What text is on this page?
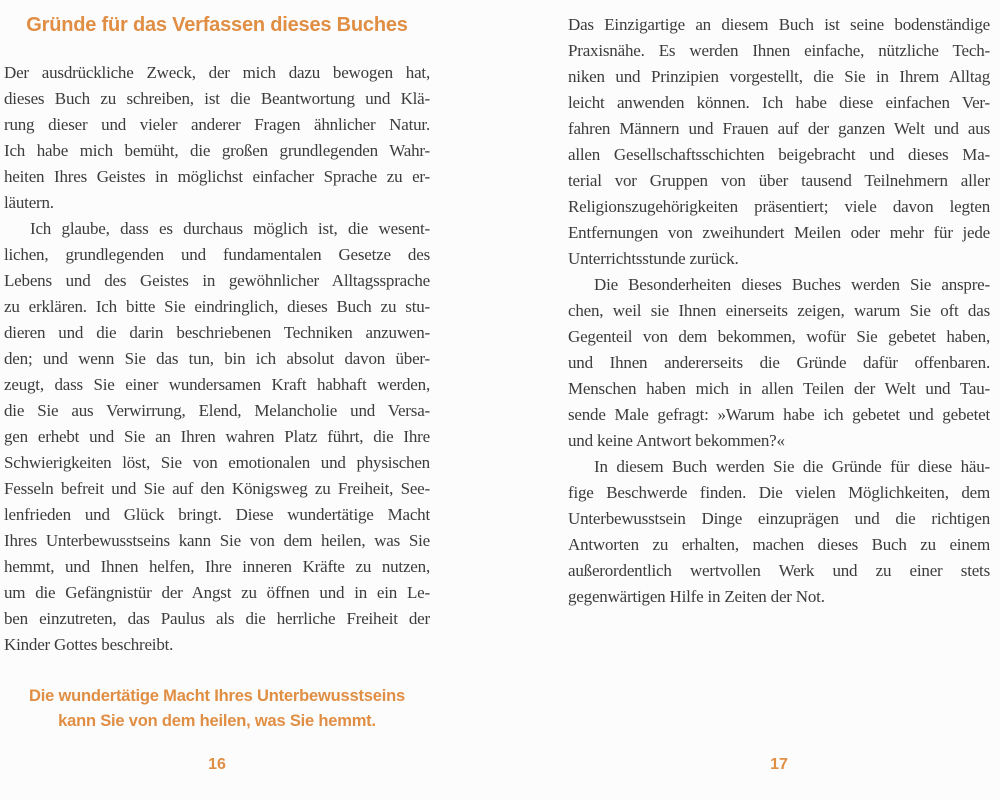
Gründe für das Verfassen dieses Buches
Der ausdrückliche Zweck, der mich dazu bewogen hat,
dieses Buch zu schreiben, ist die Beantwortung und Klä-
rung dieser und vieler anderer Fragen ähnlicher Natur.
Ich habe mich bemüht, die großen grundlegenden Wahr-
heiten Ihres Geistes in möglichst einfacher Sprache zu er-
läutern.
Ich glaube, dass es durchaus möglich ist, die wesent-
lichen, grundlegenden und fundamentalen Gesetze des
Lebens und des Geistes in gewöhnlicher Alltagssprache
zu erklären. Ich bitte Sie eindringlich, dieses Buch zu stu-
dieren und die darin beschriebenen Techniken anzuwen-
den; und wenn Sie das tun, bin ich absolut davon über-
zeugt, dass Sie einer wundersamen Kraft habhaft werden,
die Sie aus Verwirrung, Elend, Melancholie und Versa-
gen erhebt und Sie an Ihren wahren Platz führt, die Ihre
Schwierigkeiten löst, Sie von emotionalen und physischen
Fesseln befreit und Sie auf den Königsweg zu Freiheit, See-
lenfrieden und Glück bringt. Diese wundertätige Macht
Ihres Unterbewusstseins kann Sie von dem heilen, was Sie
hemmt, und Ihnen helfen, Ihre inneren Kräfte zu nutzen,
um die Gefängnistür der Angst zu öffnen und in ein Le-
ben einzutreten, das Paulus als die herrliche Freiheit der
Kinder Gottes beschreibt.
Die wundertätige Macht Ihres Unterbewusstseins
kann Sie von dem heilen, was Sie hemmt.
16
Das Einzigartige an diesem Buch ist seine bodenständige
Praxisnähe. Es werden Ihnen einfache, nützliche Tech-
niken und Prinzipien vorgestellt, die Sie in Ihrem Alltag
leicht anwenden können. Ich habe diese einfachen Ver-
fahren Männern und Frauen auf der ganzen Welt und aus
allen Gesellschaftsschichten beigebracht und dieses Ma-
terial vor Gruppen von über tausend Teilnehmern aller
Religionszugehörigkeiten präsentiert; viele davon legten
Entfernungen von zweihundert Meilen oder mehr für jede
Unterrichtsstunde zurück.
Die Besonderheiten dieses Buches werden Sie anspre-
chen, weil sie Ihnen einerseits zeigen, warum Sie oft das
Gegenteil von dem bekommen, wofür Sie gebetet haben,
und Ihnen andererseits die Gründe dafür offenbaren.
Menschen haben mich in allen Teilen der Welt und Tau-
sende Male gefragt: »Warum habe ich gebetet und gebetet
und keine Antwort bekommen?«
In diesem Buch werden Sie die Gründe für diese häu-
fige Beschwerde finden. Die vielen Möglichkeiten, dem
Unterbewusstsein Dinge einzuprägen und die richtigen
Antworten zu erhalten, machen dieses Buch zu einem
außerordentlich wertvollen Werk und zu einer stets
gegenwärtigen Hilfe in Zeiten der Not.
17
